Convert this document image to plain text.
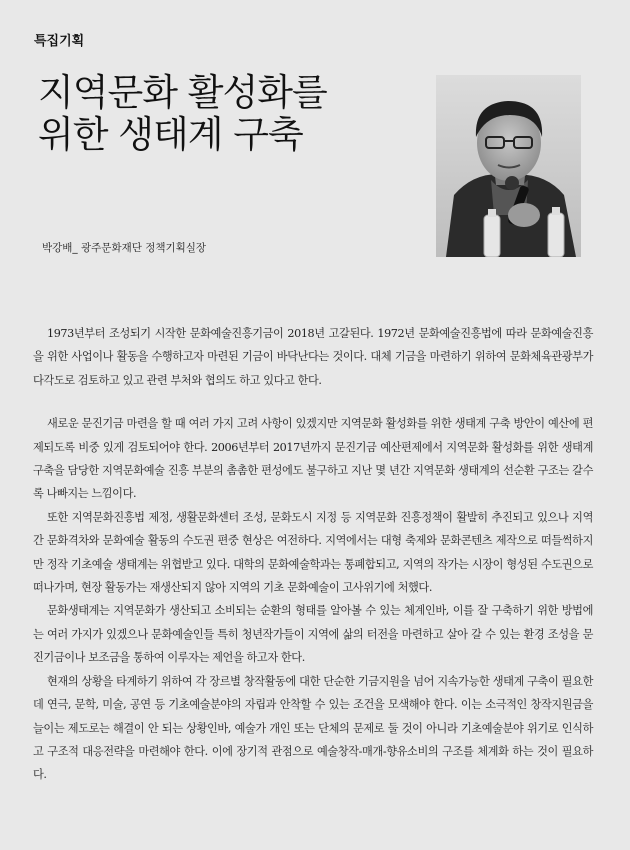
특집기획
지역문화 활성화를
위한 생태계 구축
박강배_ 광주문화재단 정책기획실장

1973년부터 조성되기 시작한 문화예술진흥기금이 2018년 고갈된다. 1972년 문화예술진흥법에 따라 문화예술진흥을 위한 사업이나 활동을 수행하고자 마련된 기금이 바닥난다는 것이다. 대체 기금을 마련하기 위하여 문화체육관광부가 다각도로 검토하고 있고 관련 부처와 협의도 하고 있다고 한다.

새로운 문진기금 마련을 할 때 여러 가지 고려 사항이 있겠지만 지역문화 활성화를 위한 생태계 구축 방안이 예산에 편제되도록 비중 있게 검토되어야 한다. 2006년부터 2017년까지 문진기금 예산편제에서 지역문화 활성화를 위한 생태계 구축을 담당한 지역문화예술 진흥 부분의 촘촘한 편성에도 불구하고 지난 몇 년간 지역문화 생태계의 선순환 구조는 갈수록 나빠지는 느낌이다.

또한 지역문화진흥법 제정, 생활문화센터 조성, 문화도시 지정 등 지역문화 진흥정책이 활발히 추진되고 있으나 지역 간 문화격차와 문화예술 활동의 수도권 편중 현상은 여전하다. 지역에서는 대형 축제와 문화콘텐츠 제작으로 떠들썩하지만 정작 기초예술 생태계는 위협받고 있다. 대학의 문화예술학과는 통폐합되고, 지역의 작가는 시장이 형성된 수도권으로 떠나가며, 현장 활동가는 재생산되지 않아 지역의 기초 문화예술이 고사위기에 처했다.

문화생태계는 지역문화가 생산되고 소비되는 순환의 형태를 알아볼 수 있는 체계인바, 이를 잘 구축하기 위한 방법에는 여러 가지가 있겠으나 문화예술인들 특히 청년작가들이 지역에 삶의 터전을 마련하고 살아 갈 수 있는 환경 조성을 문진기금이나 보조금을 통하여 이루자는 제언을 하고자 한다.

현재의 상황을 타계하기 위하여 각 장르별 창작활동에 대한 단순한 기금지원을 넘어 지속가능한 생태계 구축이 필요한데 연극, 문학, 미술, 공연 등 기초예술분야의 자립과 안착할 수 있는 조건을 모색해야 한다. 이는 소극적인 창작지원금을 늘이는 제도로는 해결이 안 되는 상황인바, 예술가 개인 또는 단체의 문제로 둘 것이 아니라 기초예술분야 위기로 인식하고 구조적 대응전략을 마련해야 한다. 이에 장기적 관점으로 예술창작-매개-향유소비의 구조를 체계화 하는 것이 필요하다.
